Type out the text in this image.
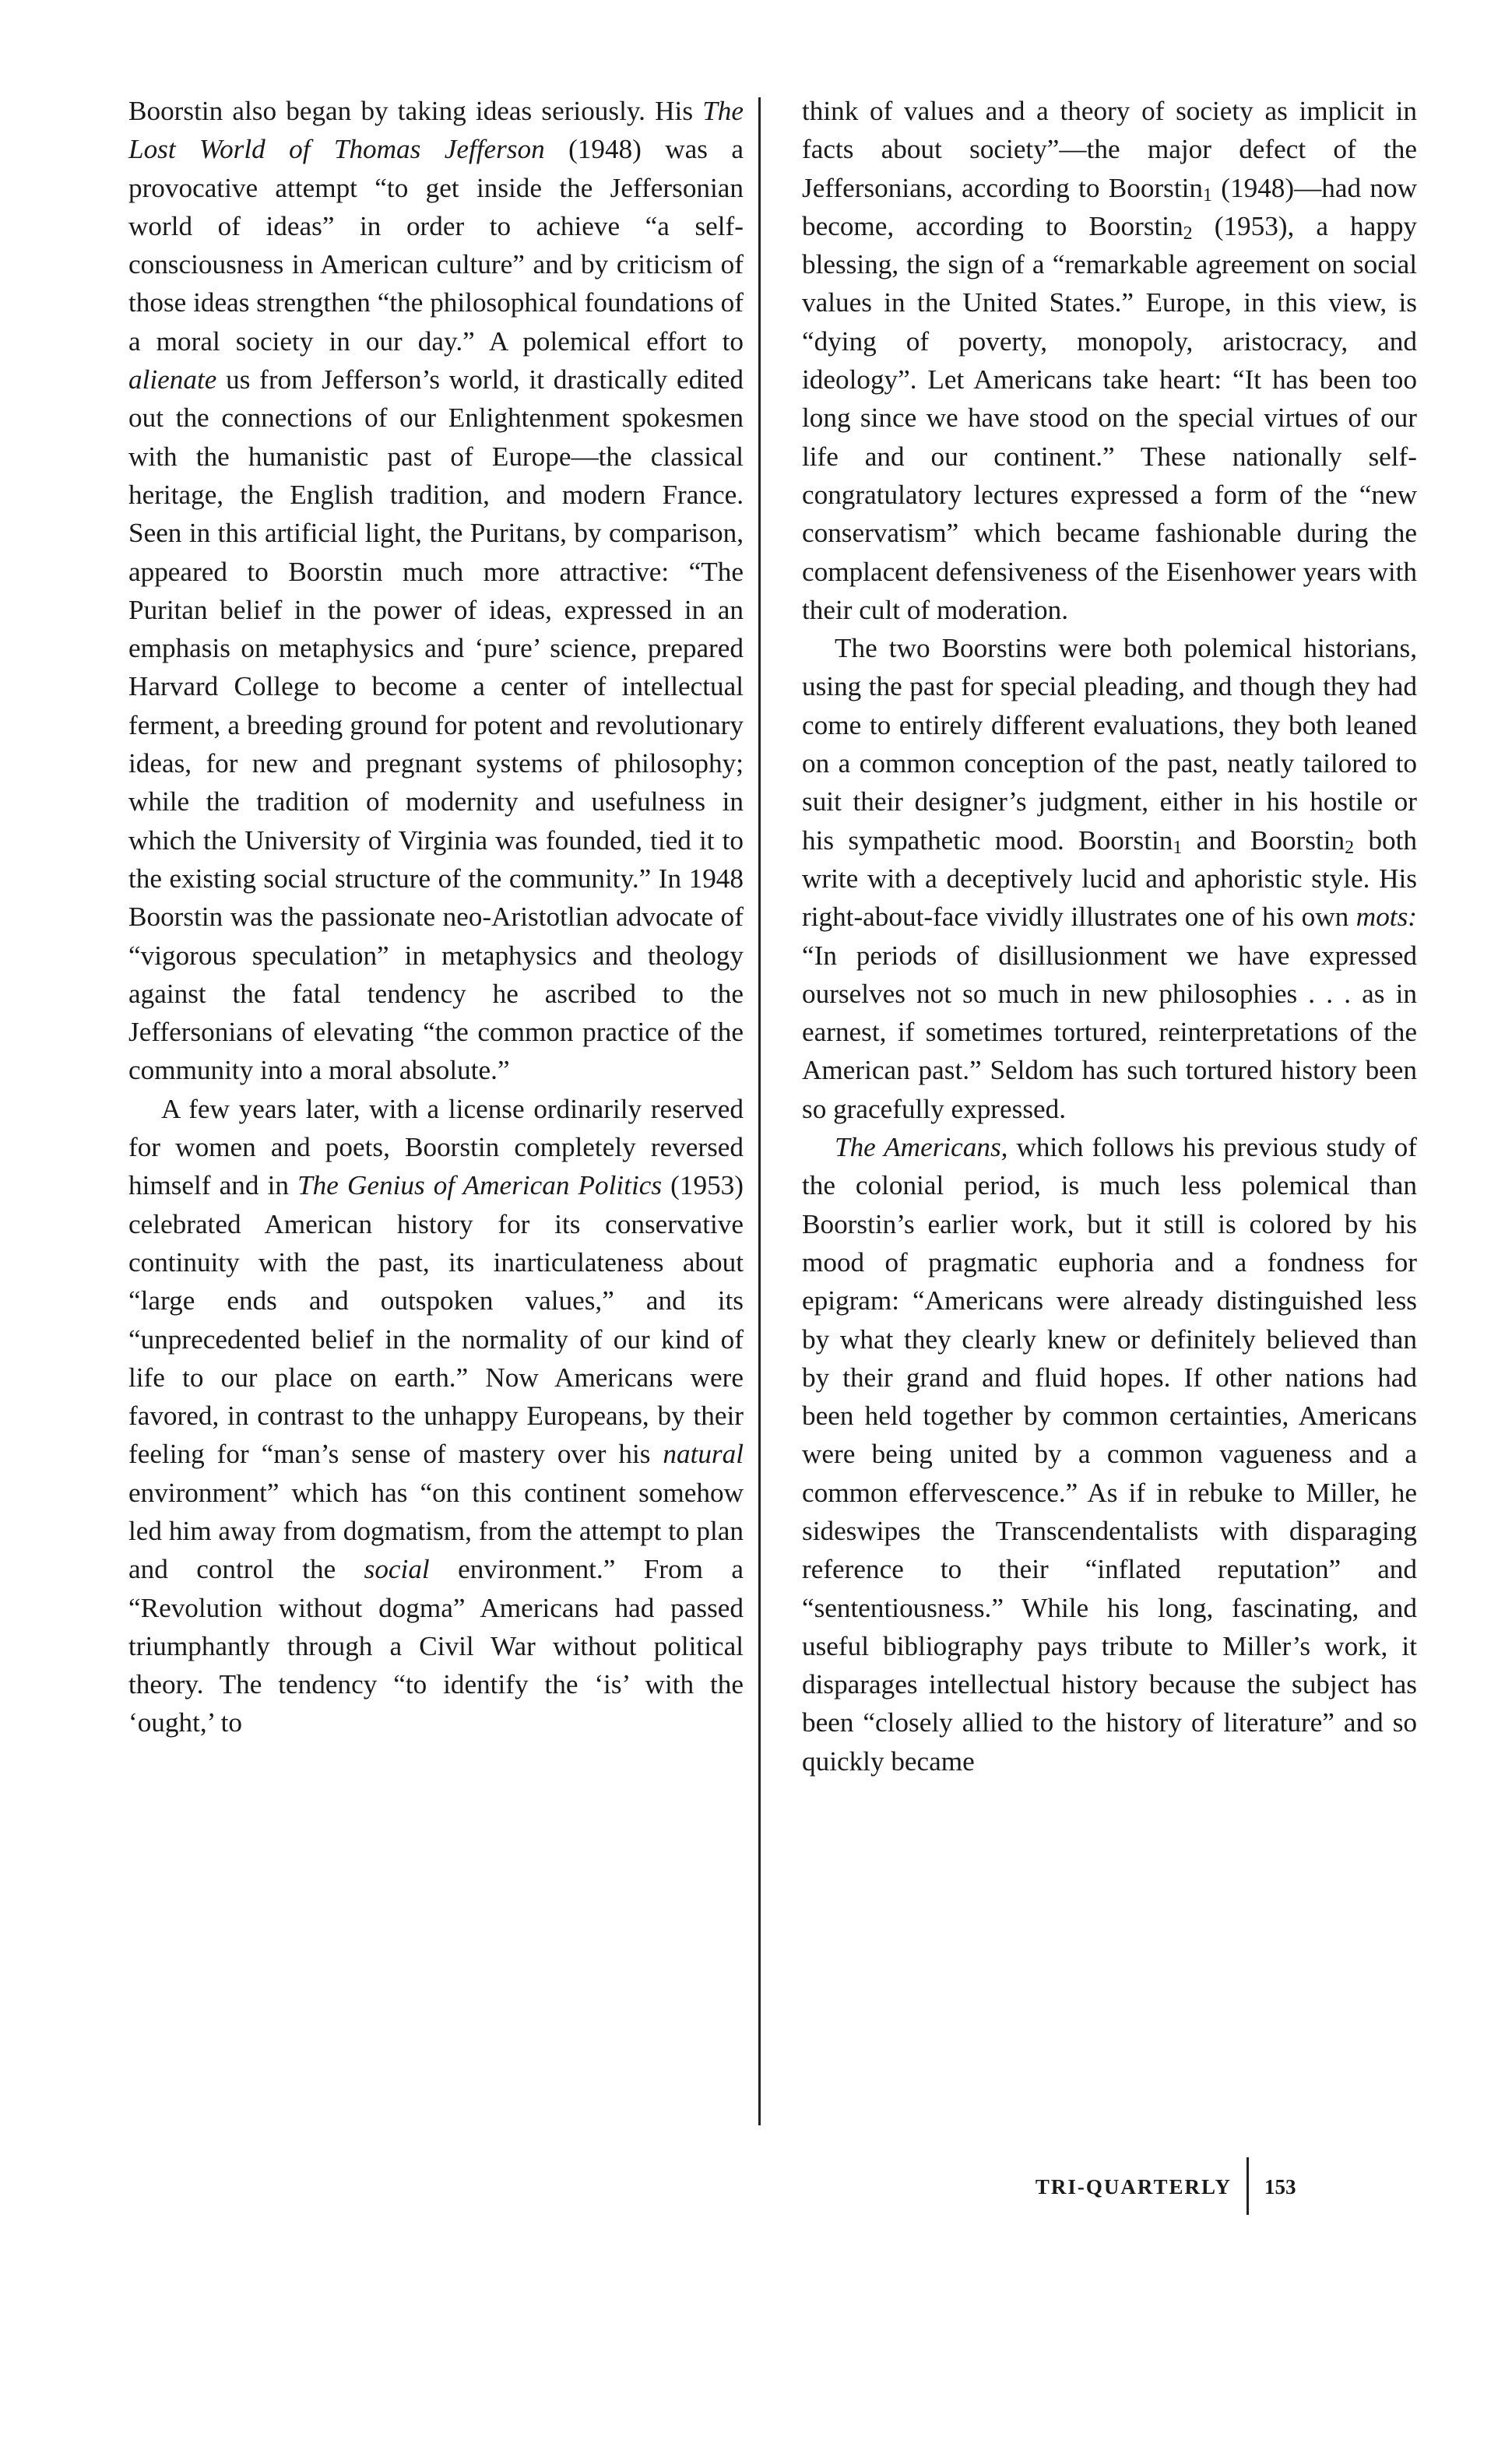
Boorstin also began by taking ideas seriously. His The Lost World of Thomas Jefferson (1948) was a provocative attempt “to get inside the Jeffersonian world of ideas” in order to achieve “a self-consciousness in American culture” and by criticism of those ideas strengthen “the philosophical foundations of a moral society in our day.” A polemical effort to alienate us from Jefferson’s world, it drastically edited out the connections of our Enlightenment spokesmen with the humanistic past of Europe—the classical heritage, the English tradition, and modern France. Seen in this artificial light, the Puritans, by comparison, appeared to Boorstin much more attractive: “The Puritan belief in the power of ideas, expressed in an emphasis on metaphysics and ‘pure’ science, prepared Harvard College to become a center of intellectual ferment, a breeding ground for potent and revolutionary ideas, for new and pregnant systems of philosophy; while the tradition of modernity and usefulness in which the University of Virginia was founded, tied it to the existing social structure of the community.” In 1948 Boorstin was the passionate neo-Aristotlian advocate of “vigorous speculation” in metaphysics and theology against the fatal tendency he ascribed to the Jeffersonians of elevating “the common practice of the community into a moral absolute.”

A few years later, with a license ordinarily reserved for women and poets, Boorstin completely reversed himself and in The Genius of American Politics (1953) celebrated American history for its conservative continuity with the past, its inarticulateness about “large ends and outspoken values,” and its “unprecedented belief in the normality of our kind of life to our place on earth.” Now Americans were favored, in contrast to the unhappy Europeans, by their feeling for “man’s sense of mastery over his natural environment” which has “on this continent somehow led him away from dogmatism, from the attempt to plan and control the social environment.” From a “Revolution without dogma” Americans had passed triumphantly through a Civil War without political theory. The tendency “to identify the ‘is’ with the ‘ought,’ to

think of values and a theory of society as implicit in facts about society”—the major defect of the Jeffersonians, according to Boorstin$_1$ (1948)—had now become, according to Boorstin$_2$ (1953), a happy blessing, the sign of a “remarkable agreement on social values in the United States.” Europe, in this view, is “dying of poverty, monopoly, aristocracy, and ideology”. Let Americans take heart: “It has been too long since we have stood on the special virtues of our life and our continent.” These nationally self-congratulatory lectures expressed a form of the “new conservatism” which became fashionable during the complacent defensiveness of the Eisenhower years with their cult of moderation.

The two Boorstins were both polemical historians, using the past for special pleading, and though they had come to entirely different evaluations, they both leaned on a common conception of the past, neatly tailored to suit their designer’s judgment, either in his hostile or his sympathetic mood. Boorstin$_1$ and Boorstin$_2$ both write with a deceptively lucid and aphoristic style. His right-about-face vividly illustrates one of his own mots: “In periods of disillusionment we have expressed ourselves not so much in new philosophies . . . as in earnest, if sometimes tortured, reinterpretations of the American past.” Seldom has such tortured history been so gracefully expressed.

The Americans, which follows his previous study of the colonial period, is much less polemical than Boorstin’s earlier work, but it still is colored by his mood of pragmatic euphoria and a fondness for epigram: “Americans were already distinguished less by what they clearly knew or definitely believed than by their grand and fluid hopes. If other nations had been held together by common certainties, Americans were being united by a common vagueness and a common effervescence.” As if in rebuke to Miller, he sideswipes the Transcendentalists with disparaging reference to their “inflated reputation” and “sententiousness.” While his long, fascinating, and useful bibliography pays tribute to Miller’s work, it disparages intellectual history because the subject has been “closely allied to the history of literature” and so quickly became

TRI-QUARTERLY 153
